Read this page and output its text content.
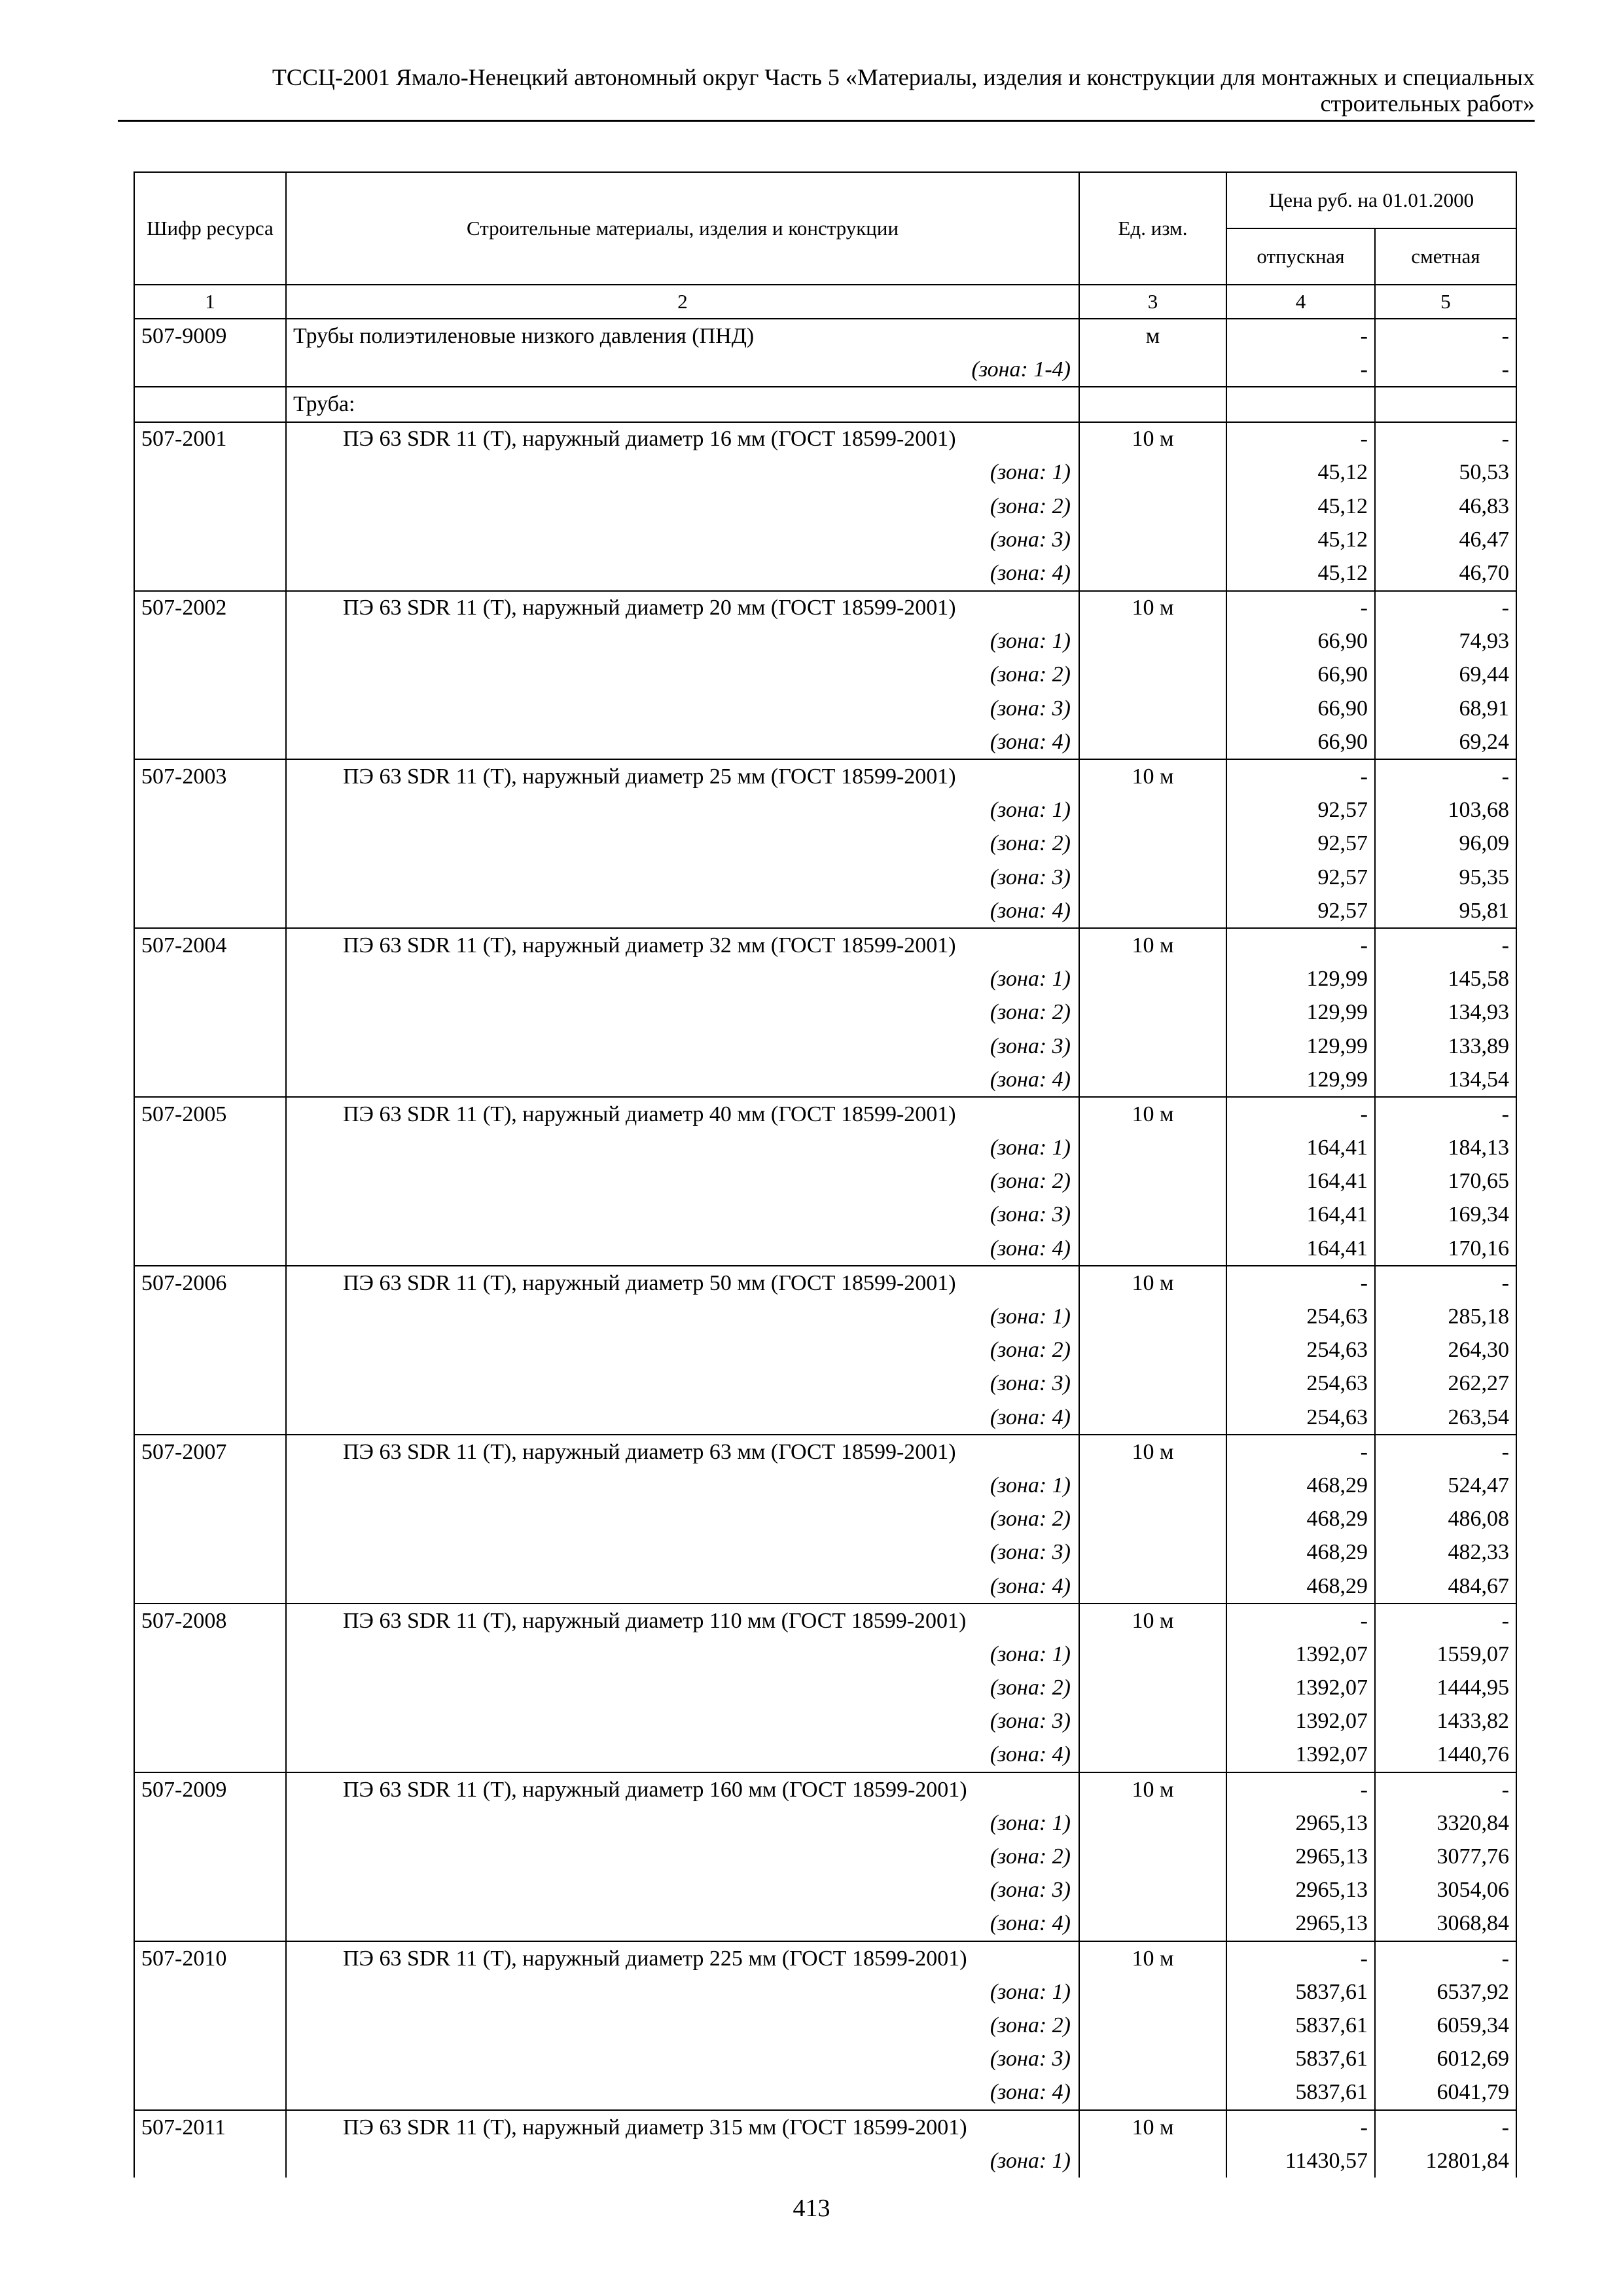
ТССЦ-2001 Ямало-Ненецкий автономный округ Часть 5 «Материалы, изделия и конструкции для монтажных и специальных
строительных работ»
Шифр ресурса	Строительные материалы, изделия и конструкции	Ед. изм.	Цена руб. на 01.01.2000	
			отпускная	сметная
1	2	3	4	5
507-9009	Трубы полиэтиленовые низкого давления (ПНД)	м	-	-
	(зона: 1-4)		-	-
	Труба:			
507-2001	ПЭ 63 SDR 11 (Т), наружный диаметр 16 мм (ГОСТ 18599-2001)	10 м	-	-
	(зона: 1)		45,12	50,53
	(зона: 2)		45,12	46,83
	(зона: 3)		45,12	46,47
	(зона: 4)		45,12	46,70
507-2002	ПЭ 63 SDR 11 (Т), наружный диаметр 20 мм (ГОСТ 18599-2001)	10 м	-	-
	(зона: 1)		66,90	74,93
	(зона: 2)		66,90	69,44
	(зона: 3)		66,90	68,91
	(зона: 4)		66,90	69,24
507-2003	ПЭ 63 SDR 11 (Т), наружный диаметр 25 мм (ГОСТ 18599-2001)	10 м	-	-
	(зона: 1)		92,57	103,68
	(зона: 2)		92,57	96,09
	(зона: 3)		92,57	95,35
	(зона: 4)		92,57	95,81
507-2004	ПЭ 63 SDR 11 (Т), наружный диаметр 32 мм (ГОСТ 18599-2001)	10 м	-	-
	(зона: 1)		129,99	145,58
	(зона: 2)		129,99	134,93
	(зона: 3)		129,99	133,89
	(зона: 4)		129,99	134,54
507-2005	ПЭ 63 SDR 11 (Т), наружный диаметр 40 мм (ГОСТ 18599-2001)	10 м	-	-
	(зона: 1)		164,41	184,13
	(зона: 2)		164,41	170,65
	(зона: 3)		164,41	169,34
	(зона: 4)		164,41	170,16
507-2006	ПЭ 63 SDR 11 (Т), наружный диаметр 50 мм (ГОСТ 18599-2001)	10 м	-	-
	(зона: 1)		254,63	285,18
	(зона: 2)		254,63	264,30
	(зона: 3)		254,63	262,27
	(зона: 4)		254,63	263,54
507-2007	ПЭ 63 SDR 11 (Т), наружный диаметр 63 мм (ГОСТ 18599-2001)	10 м	-	-
	(зона: 1)		468,29	524,47
	(зона: 2)		468,29	486,08
	(зона: 3)		468,29	482,33
	(зона: 4)		468,29	484,67
507-2008	ПЭ 63 SDR 11 (Т), наружный диаметр 110 мм (ГОСТ 18599-2001)	10 м	-	-
	(зона: 1)		1392,07	1559,07
	(зона: 2)		1392,07	1444,95
	(зона: 3)		1392,07	1433,82
	(зона: 4)		1392,07	1440,76
507-2009	ПЭ 63 SDR 11 (Т), наружный диаметр 160 мм (ГОСТ 18599-2001)	10 м	-	-
	(зона: 1)		2965,13	3320,84
	(зона: 2)		2965,13	3077,76
	(зона: 3)		2965,13	3054,06
	(зона: 4)		2965,13	3068,84
507-2010	ПЭ 63 SDR 11 (Т), наружный диаметр 225 мм (ГОСТ 18599-2001)	10 м	-	-
	(зона: 1)		5837,61	6537,92
	(зона: 2)		5837,61	6059,34
	(зона: 3)		5837,61	6012,69
	(зона: 4)		5837,61	6041,79
507-2011	ПЭ 63 SDR 11 (Т), наружный диаметр 315 мм (ГОСТ 18599-2001)	10 м	-	-
	(зона: 1)		11430,57	12801,84
413
